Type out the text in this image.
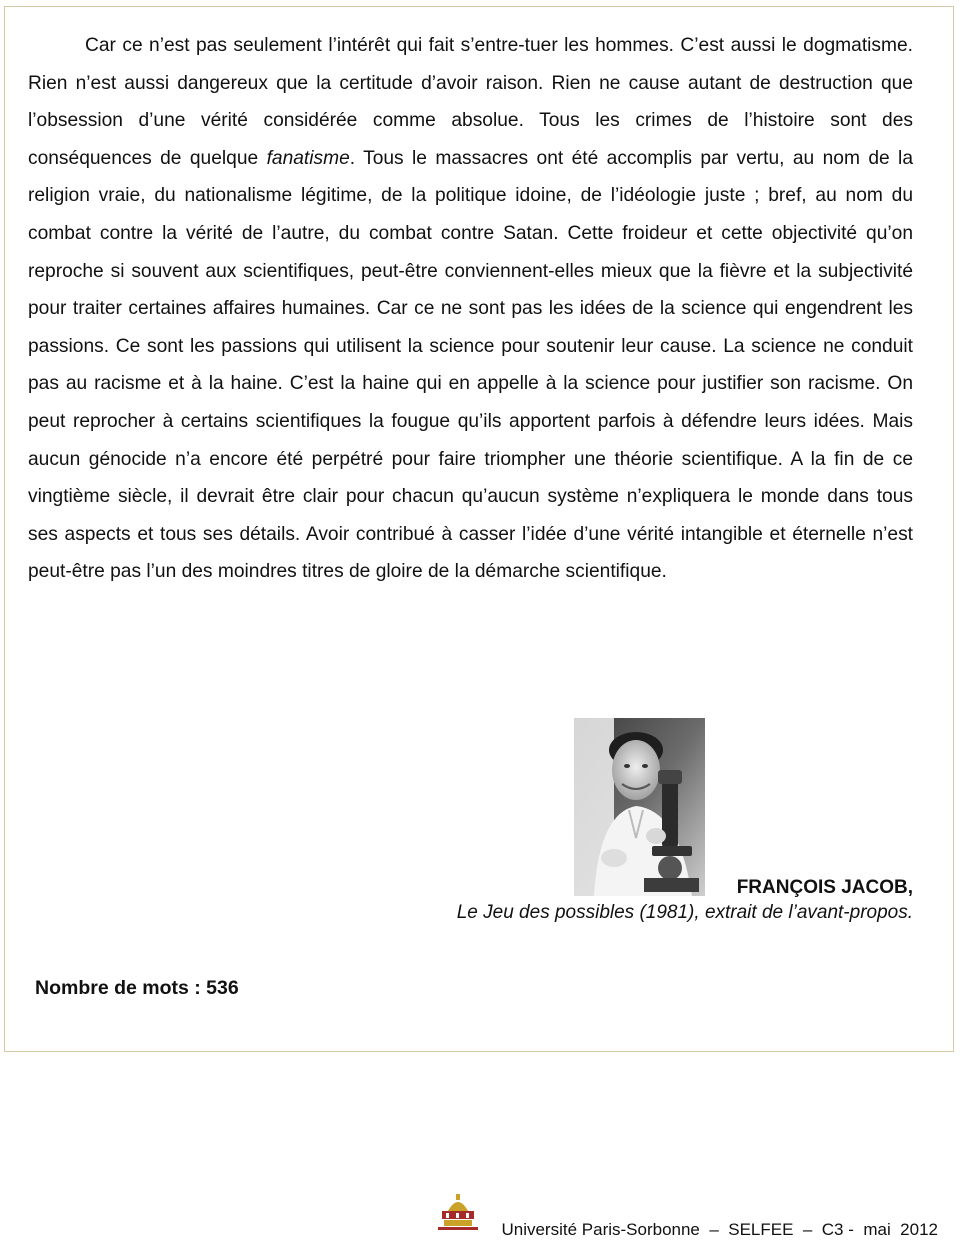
Car ce n’est pas seulement l’intérêt qui fait s’entre-tuer les hommes. C’est aussi le dogmatisme. Rien n’est aussi dangereux que la certitude d’avoir raison. Rien ne cause autant de destruction que l’obsession d’une vérité considérée comme absolue. Tous les crimes de l’histoire sont des conséquences de quelque fanatisme. Tous le massacres ont été accomplis par vertu, au nom de la religion vraie, du nationalisme légitime, de la politique idoine, de l’idéologie juste ; bref, au nom du combat contre la vérité de l’autre, du combat contre Satan. Cette froideur et cette objectivité qu’on reproche si souvent aux scientifiques, peut-être conviennent-elles mieux que la fièvre et la subjectivité pour traiter certaines affaires humaines. Car ce ne sont pas les idées de la science qui engendrent les passions. Ce sont les passions qui utilisent la science pour soutenir leur cause. La science ne conduit pas au racisme et à la haine. C’est la haine qui en appelle à la science pour justifier son racisme. On peut reprocher à certains scientifiques la fougue qu’ils apportent parfois à défendre leurs idées. Mais aucun génocide n’a encore été perpétré pour faire triompher une théorie scientifique. A la fin de ce vingtième siècle, il devrait être clair pour chacun qu’aucun système n’expliquera le monde dans tous ses aspects et tous ses détails. Avoir contribué à casser l’idée d’une vérité intangible et éternelle n’est peut-être pas l’un des moindres titres de gloire de la démarche scientifique.

FRANÇOIS JACOB,
Le Jeu des possibles (1981), extrait de l’avant-propos.
Nombre de mots : 536
Université Paris-Sorbonne  –  SELFEE  –  C3 -  mai  2012
